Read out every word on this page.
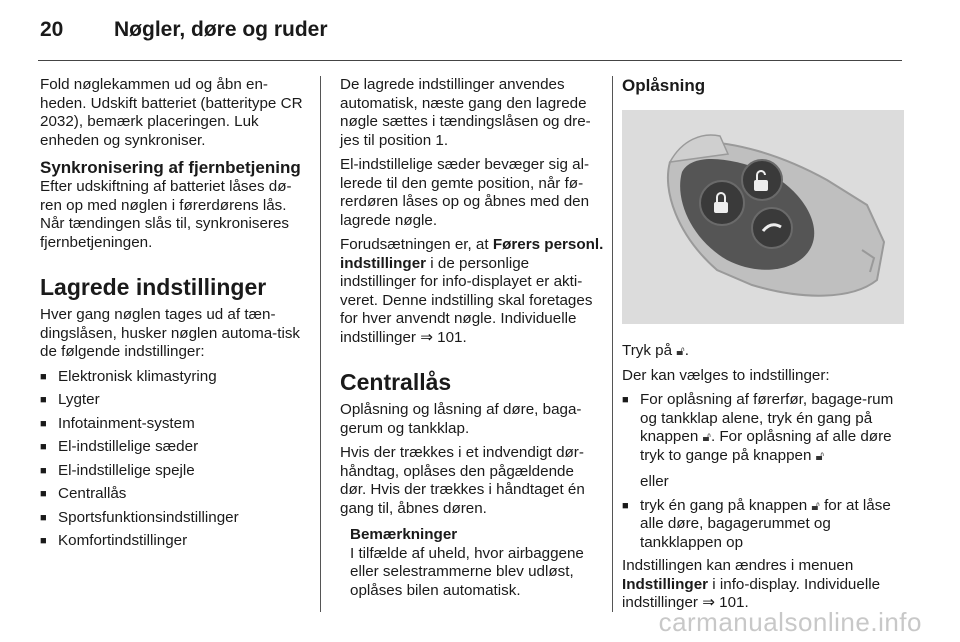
20	Nøgler, døre og ruder

Fold nøglekammen ud og åbn en-heden. Udskift batteriet (batteritype CR 2032), bemærk placeringen. Luk enheden og synkroniser.

Synkronisering af fjernbetjening

Efter udskiftning af batteriet låses dø-ren op med nøglen i førerdørens lås. Når tændingen slås til, synkroniseres fjernbetjeningen.

Lagrede indstillinger

Hver gang nøglen tages ud af tæn-dingslåsen, husker nøglen automa-tisk de følgende indstillinger:

■ Elektronisk klimastyring
■ Lygter
■ Infotainment-system
■ El-indstillelige sæder
■ El-indstillelige spejle
■ Centrallås
■ Sportsfunktionsindstillinger
■ Komfortindstillinger

De lagrede indstillinger anvendes automatisk, næste gang den lagrede nøgle sættes i tændingslåsen og dre-jes til position 1.

El-indstillelige sæder bevæger sig al-lerede til den gemte position, når fø-rerdøren låses op og åbnes med den lagrede nøgle.

Forudsætningen er, at Førers personl. indstillinger i de personlige indstillinger for info-displayet er akti-veret. Denne indstilling skal foretages for hver anvendt nøgle. Individuelle indstillinger ⇒ 101.

Centrallås

Oplåsning og låsning af døre, baga-gerum og tankklap.

Hvis der trækkes i et indvendigt dør-håndtag, oplåses den pågældende dør. Hvis der trækkes i håndtaget én gang til, åbnes døren.

Bemærkninger
I tilfælde af uheld, hvor airbaggene eller selestrammerne blev udløst, oplåses bilen automatisk.
Oplåsning

Tryk på 🔓︎.

Der kan vælges to indstillinger:

■ For oplåsning af førerfør, bagage-rum og tankklap alene, tryk én gang på knappen 🔓︎. For oplåsning af alle døre tryk to gange på knappen 🔓︎
eller
■ tryk én gang på knappen 🔓︎ for at låse alle døre, bagagerummet og tankklappen op

Indstillingen kan ændres i menuen Indstillinger i info-display. Individuelle indstillinger ⇒ 101.

carmanualsonline.info
